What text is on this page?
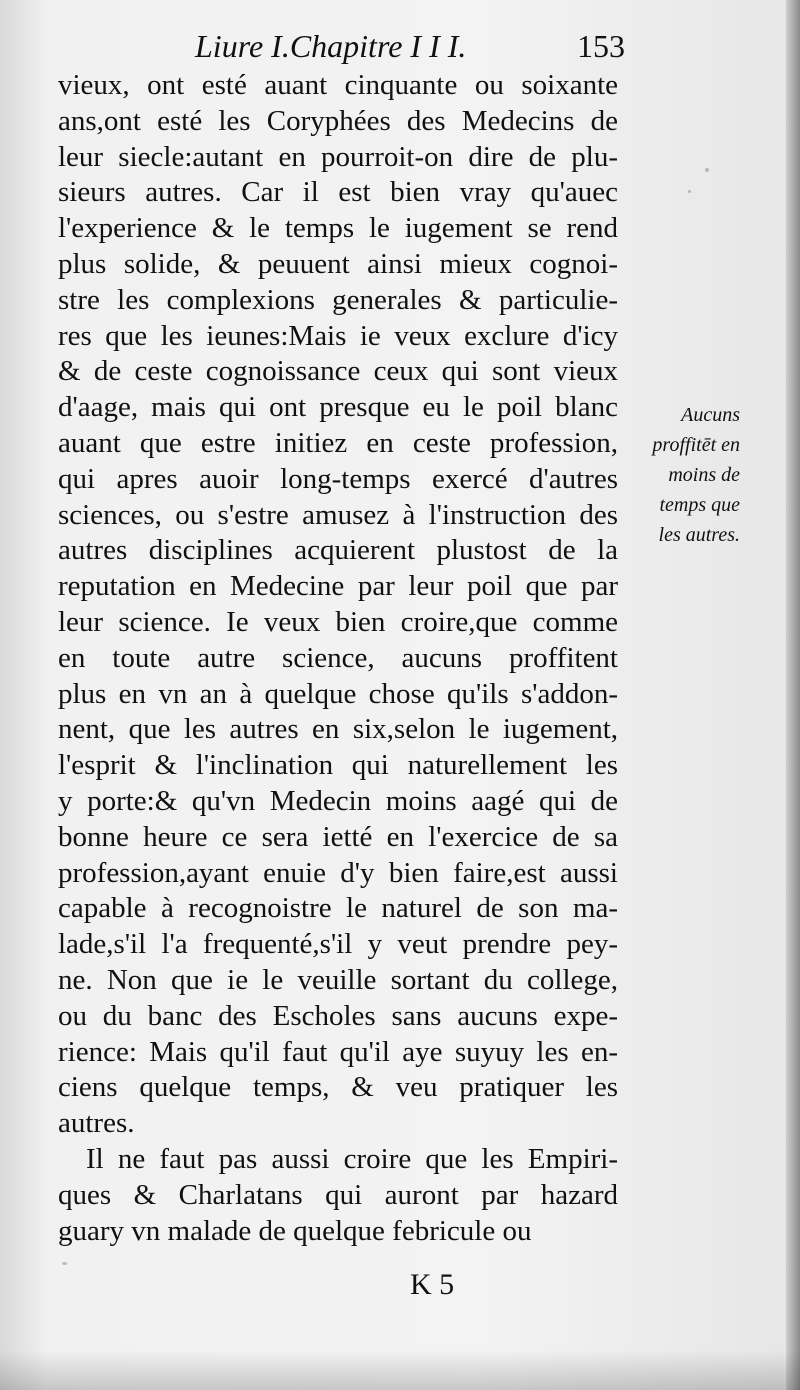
Liure I.Chapitre I I I.	153
vieux, ont esté auant cinquante ou soixante
ans,ont esté les Coryphées des Medecins de
leur siecle:autant en pourroit-on dire de plu-
sieurs autres. Car il est bien vray qu'auec
l'experience & le temps le iugement se rend
plus solide, & peuuent ainsi mieux cognoi-
stre les complexions generales & particulie-
res que les ieunes:Mais ie veux exclure d'icy
& de ceste cognoissance ceux qui sont vieux
d'aage, mais qui ont presque eu le poil blanc
auant que estre initiez en ceste profession,
qui apres auoir long-temps exercé d'autres
sciences, ou s'estre amusez à l'instruction des
autres disciplines acquierent plustost de la
reputation en Medecine par leur poil que par
leur science. Ie veux bien croire,que comme
en toute autre science, aucuns proffitent
plus en vn an à quelque chose qu'ils s'addon-
nent, que les autres en six,selon le iugement,
l'esprit & l'inclination qui naturellement les
y porte:& qu'vn Medecin moins aagé qui de
bonne heure ce sera ietté en l'exercice de sa
profession,ayant enuie d'y bien faire,est aussi
capable à recognoistre le naturel de son ma-
lade,s'il l'a frequenté,s'il y veut prendre pey-
ne. Non que ie le veuille sortant du college,
ou du banc des Escholes sans aucuns expe-
rience: Mais qu'il faut qu'il aye suyuy les en-
ciens quelque temps, & veu pratiquer les
autres.
Il ne faut pas aussi croire que les Empiri-
ques & Charlatans qui auront par hazard
guary vn malade de quelque febricule ou
Aucuns
proffitēt en
moins de
temps que
les autres.
K 5
